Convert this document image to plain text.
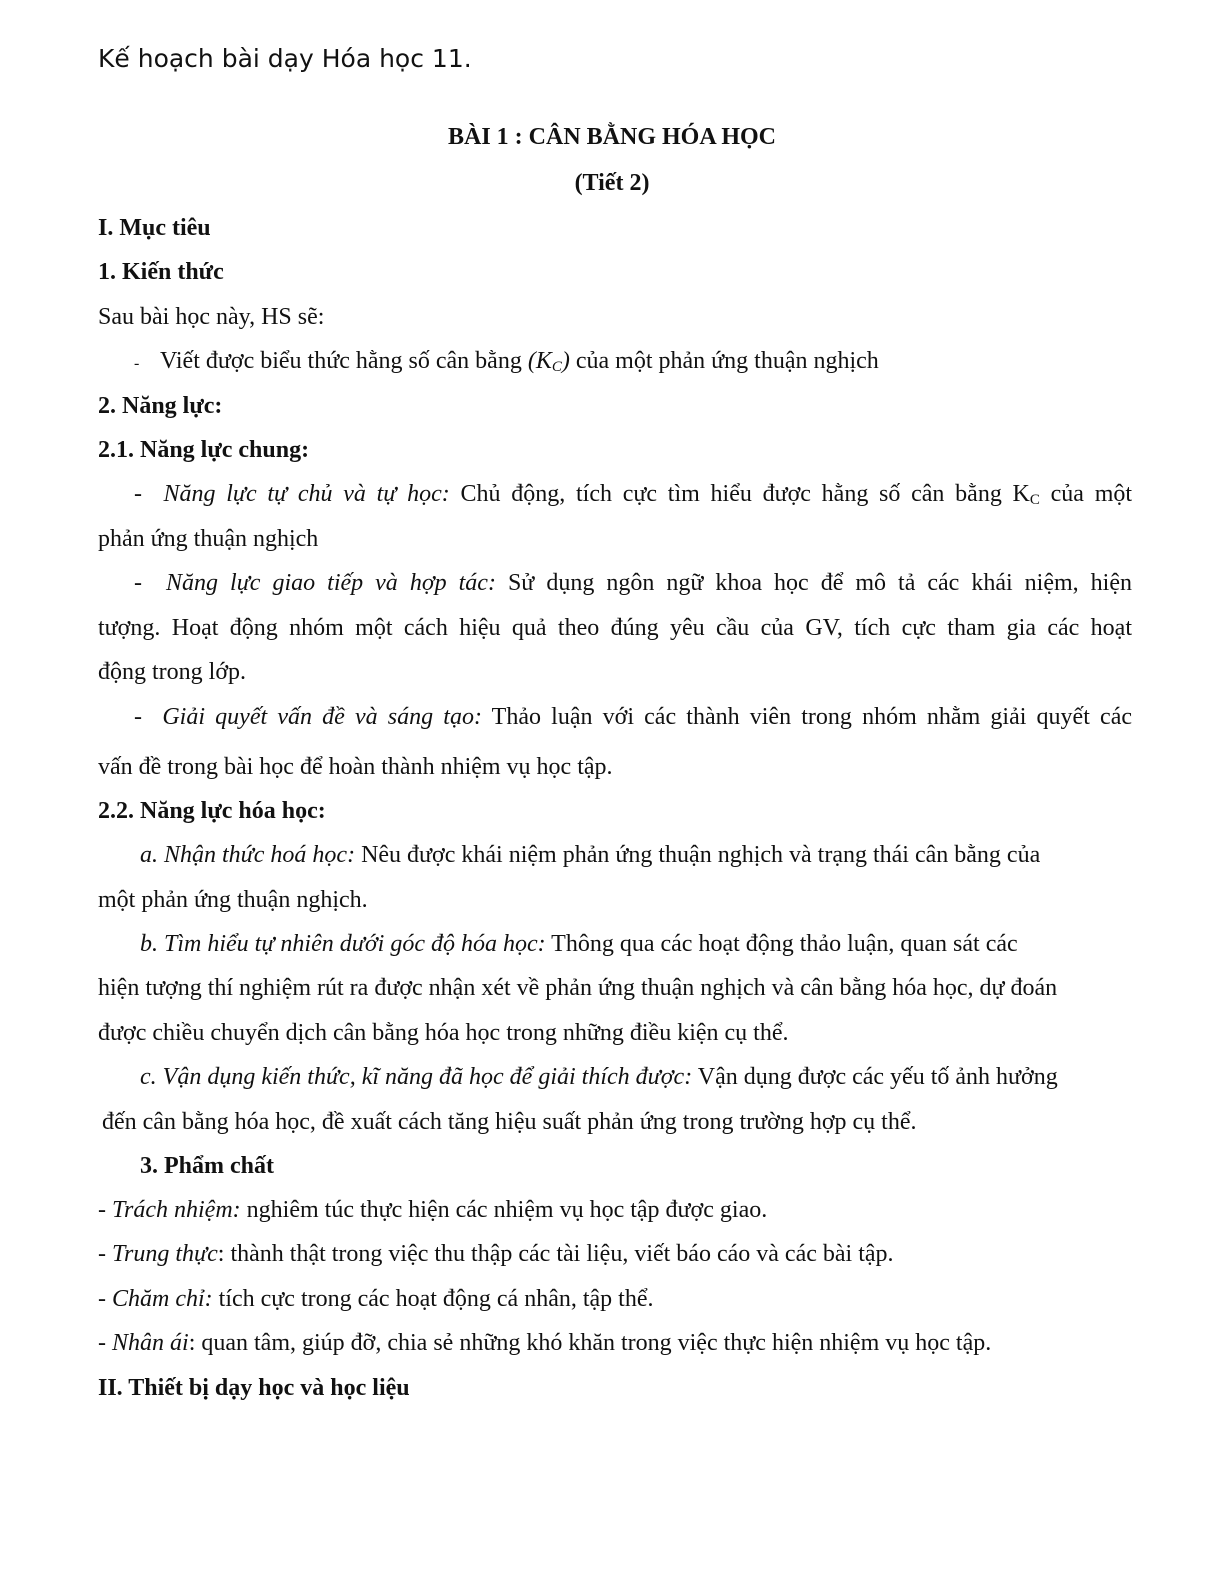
Kế hoạch bài dạy Hóa học 11.
BÀI 1 : CÂN BẰNG HÓA HỌC
(Tiết 2)
I. Mục tiêu
1. Kiến thức
Sau bài học này, HS sẽ:
- Viết được biểu thức hằng số cân bằng (KC) của một phản ứng thuận nghịch
2. Năng lực:
2.1. Năng lực chung:
- Năng lực tự chủ và tự học: Chủ động, tích cực tìm hiểu được hằng số cân bằng $K_C$ của một
phản ứng thuận nghịch
- Năng lực giao tiếp và hợp tác: Sử dụng ngôn ngữ khoa học để mô tả các khái niệm, hiện
tượng. Hoạt động nhóm một cách hiệu quả theo đúng yêu cầu của GV, tích cực tham gia các hoạt
động trong lớp.
- Giải quyết vấn đề và sáng tạo: Thảo luận với các thành viên trong nhóm nhằm giải quyết các
vấn đề trong bài học để hoàn thành nhiệm vụ học tập.
2.2. Năng lực hóa học:
a. Nhận thức hoá học: Nêu được khái niệm phản ứng thuận nghịch và trạng thái cân bằng của
một phản ứng thuận nghịch.
b. Tìm hiểu tự nhiên dưới góc độ hóa học: Thông qua các hoạt động thảo luận, quan sát các
hiện tượng thí nghiệm rút ra được nhận xét về phản ứng thuận nghịch và cân bằng hóa học, dự đoán
được chiều chuyển dịch cân bằng hóa học trong những điều kiện cụ thể.
c. Vận dụng kiến thức, kĩ năng đã học để giải thích được: Vận dụng được các yếu tố ảnh hưởng
đến cân bằng hóa học, đề xuất cách tăng hiệu suất phản ứng trong trường hợp cụ thể.
3. Phẩm chất
- Trách nhiệm: nghiêm túc thực hiện các nhiệm vụ học tập được giao.
- Trung thực: thành thật trong việc thu thập các tài liệu, viết báo cáo và các bài tập.
- Chăm chỉ: tích cực trong các hoạt động cá nhân, tập thể.
- Nhân ái: quan tâm, giúp đỡ, chia sẻ những khó khăn trong việc thực hiện nhiệm vụ học tập.
II. Thiết bị dạy học và học liệu
